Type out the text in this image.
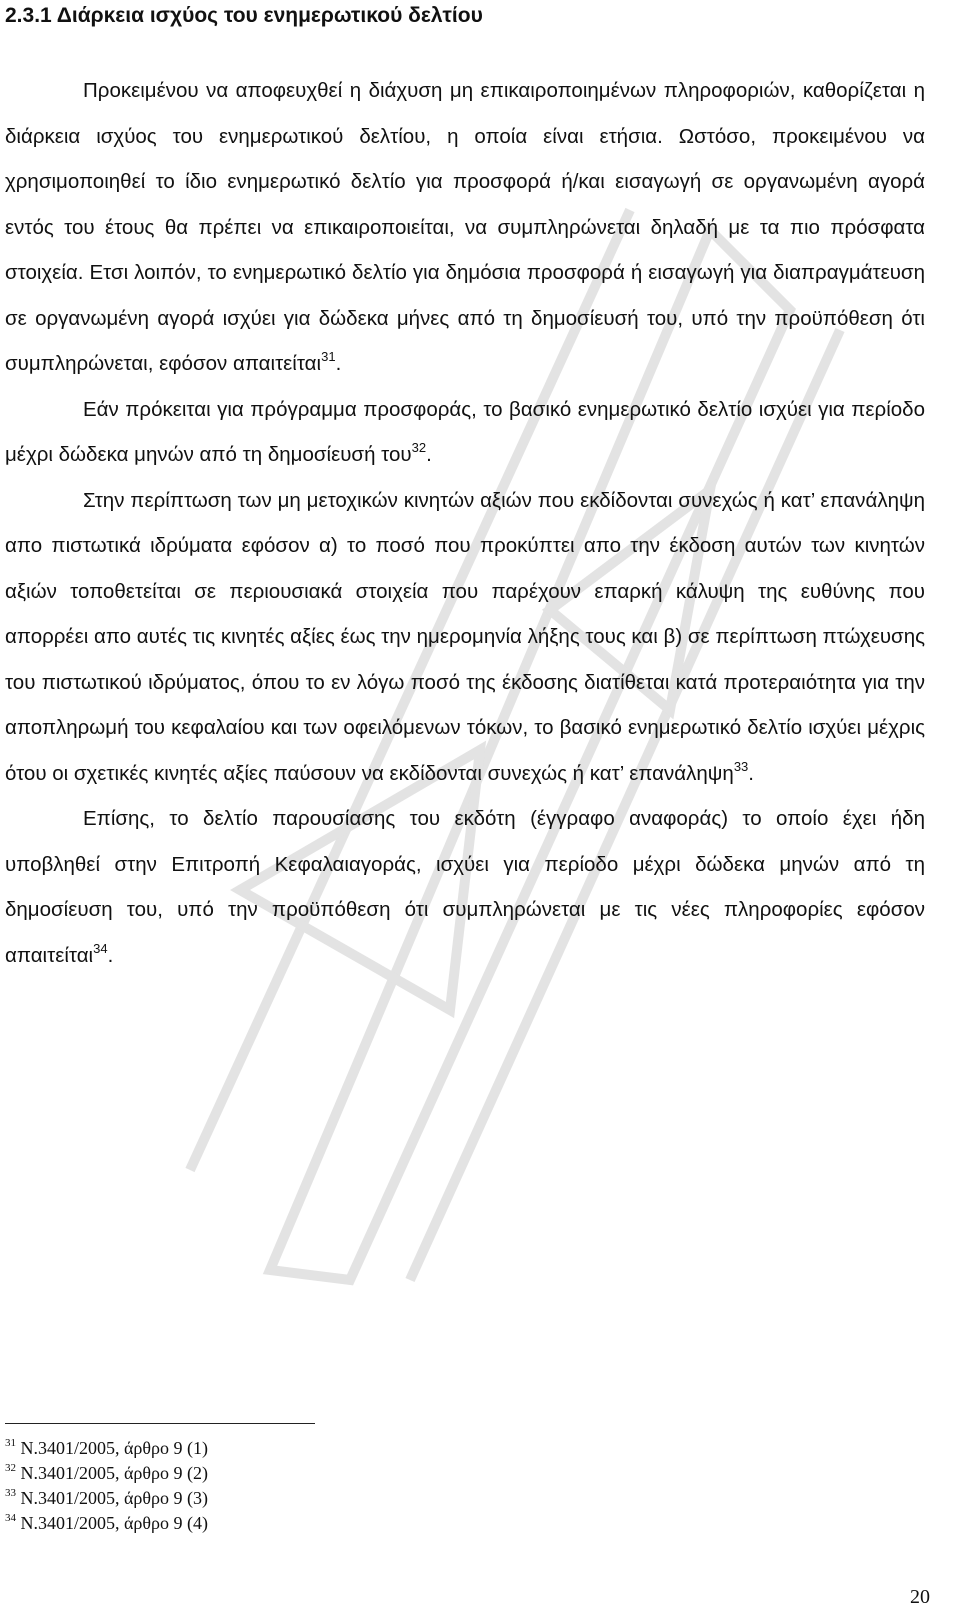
2.3.1 Διάρκεια ισχύος του ενημερωτικού δελτίου

Προκειμένου να αποφευχθεί η διάχυση μη επικαιροποιημένων πληροφοριών, καθορίζεται η διάρκεια ισχύος του ενημερωτικού δελτίου, η οποία είναι ετήσια. Ωστόσο, προκειμένου να χρησιμοποιηθεί το ίδιο ενημερωτικό δελτίο για προσφορά ή/και εισαγωγή σε οργανωμένη αγορά εντός του έτους θα πρέπει να επικαιροποιείται, να συμπληρώνεται δηλαδή με τα πιο πρόσφατα στοιχεία. Ετσι λοιπόν, το ενημερωτικό δελτίο για δημόσια προσφορά ή εισαγωγή για διαπραγμάτευση σε οργανωμένη αγορά ισχύει για δώδεκα μήνες από τη δημοσίευσή του, υπό την προϋπόθεση ότι συμπληρώνεται, εφόσον απαιτείται$^{31}$.

Εάν πρόκειται για πρόγραμμα προσφοράς, το βασικό ενημερωτικό δελτίο ισχύει για περίοδο μέχρι δώδεκα μηνών από τη δημοσίευσή του$^{32}$.

Στην περίπτωση των μη μετοχικών κινητών αξιών που εκδίδονται συνεχώς ή κατ’ επανάληψη απο πιστωτικά ιδρύματα εφόσον α) το ποσό που προκύπτει απο την έκδοση αυτών των κινητών αξιών τοποθετείται σε περιουσιακά στοιχεία που παρέχουν επαρκή κάλυψη της ευθύνης που απορρέει απο αυτές τις κινητές αξίες έως την ημερομηνία λήξης τους και β) σε περίπτωση πτώχευσης του πιστωτικού ιδρύματος, όπου το εν λόγω ποσό της έκδοσης διατίθεται κατά προτεραιότητα για την αποπληρωμή του κεφαλαίου και των οφειλόμενων τόκων, το βασικό ενημερωτικό δελτίο ισχύει μέχρις ότου οι σχετικές κινητές αξίες παύσουν να εκδίδονται συνεχώς ή κατ’ επανάληψη$^{33}$.

Επίσης, το δελτίο παρουσίασης του εκδότη (έγγραφο αναφοράς) το οποίο έχει ήδη υποβληθεί στην Επιτροπή Κεφαλαιαγοράς, ισχύει για περίοδο μέχρι δώδεκα μηνών από τη δημοσίευση του, υπό την προϋπόθεση ότι συμπληρώνεται με τις νέες πληροφορίες εφόσον απαιτείται$^{34}$.

$^{31}$ Ν.3401/2005, άρθρο 9 (1)
$^{32}$ Ν.3401/2005, άρθρο 9 (2)
$^{33}$ Ν.3401/2005, άρθρο 9 (3)
$^{34}$ Ν.3401/2005, άρθρο 9 (4)
20
